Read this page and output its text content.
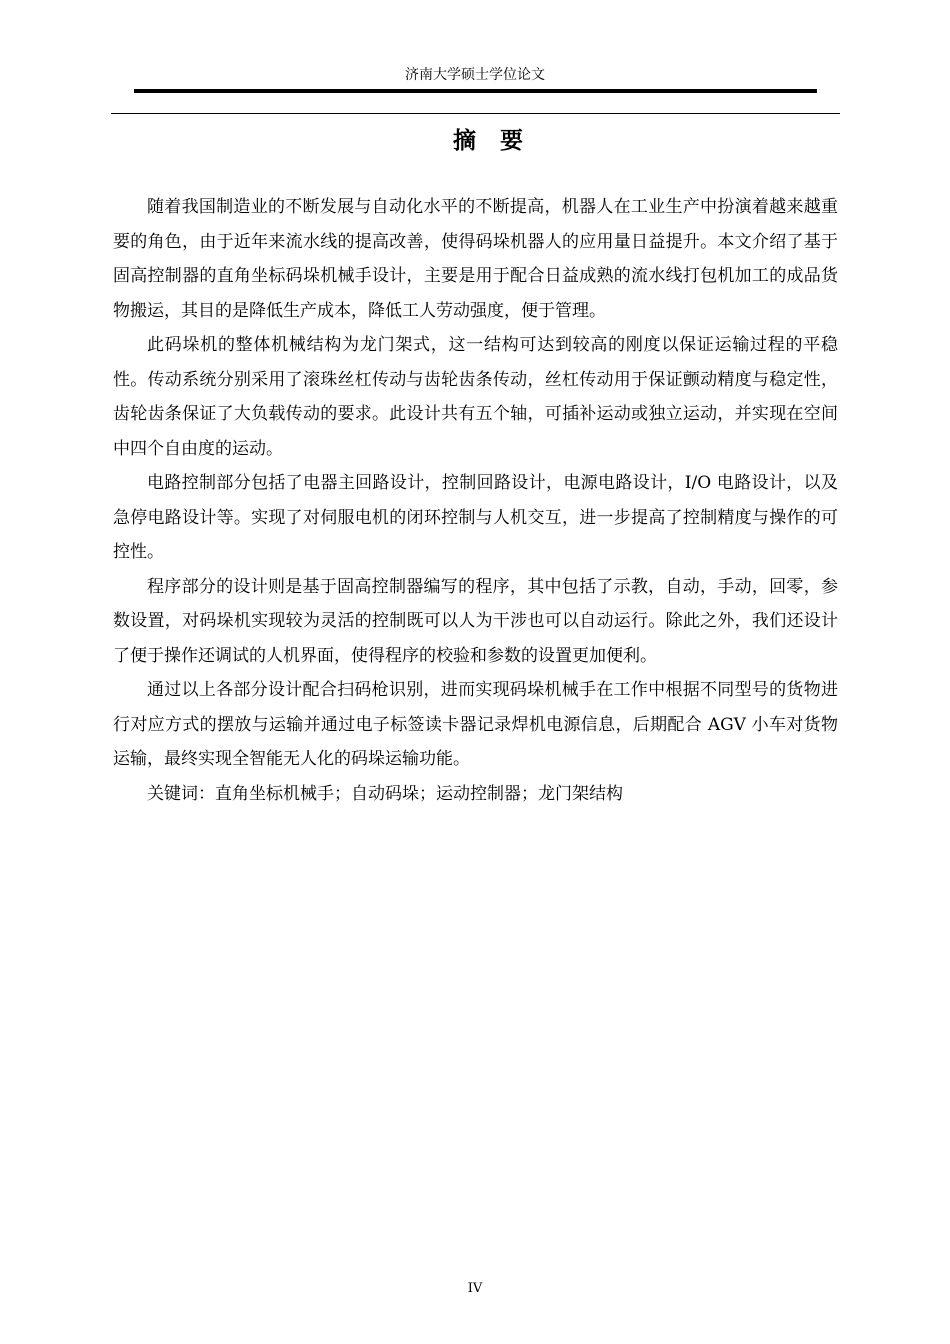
济南大学硕士学位论文
摘要

随着我国制造业的不断发展与自动化水平的不断提高，机器人在工业生产中扮演着越来越重要的角色，由于近年来流水线的提高改善，使得码垛机器人的应用量日益提升。本文介绍了基于固高控制器的直角坐标码垛机械手设计，主要是用于配合日益成熟的流水线打包机加工的成品货物搬运，其目的是降低生产成本，降低工人劳动强度，便于管理。

此码垛机的整体机械结构为龙门架式，这一结构可达到较高的刚度以保证运输过程的平稳性。传动系统分别采用了滚珠丝杠传动与齿轮齿条传动，丝杠传动用于保证颤动精度与稳定性，齿轮齿条保证了大负载传动的要求。此设计共有五个轴，可插补运动或独立运动，并实现在空间中四个自由度的运动。

电路控制部分包括了电器主回路设计，控制回路设计，电源电路设计，I/O 电路设计，以及急停电路设计等。实现了对伺服电机的闭环控制与人机交互，进一步提高了控制精度与操作的可控性。

程序部分的设计则是基于固高控制器编写的程序，其中包括了示教，自动，手动，回零，参数设置，对码垛机实现较为灵活的控制既可以人为干涉也可以自动运行。除此之外，我们还设计了便于操作还调试的人机界面，使得程序的校验和参数的设置更加便利。

通过以上各部分设计配合扫码枪识别，进而实现码垛机械手在工作中根据不同型号的货物进行对应方式的摆放与运输并通过电子标签读卡器记录焊机电源信息，后期配合 AGV 小车对货物运输，最终实现全智能无人化的码垛运输功能。

关键词：直角坐标机械手；自动码垛；运动控制器；龙门架结构

IV
